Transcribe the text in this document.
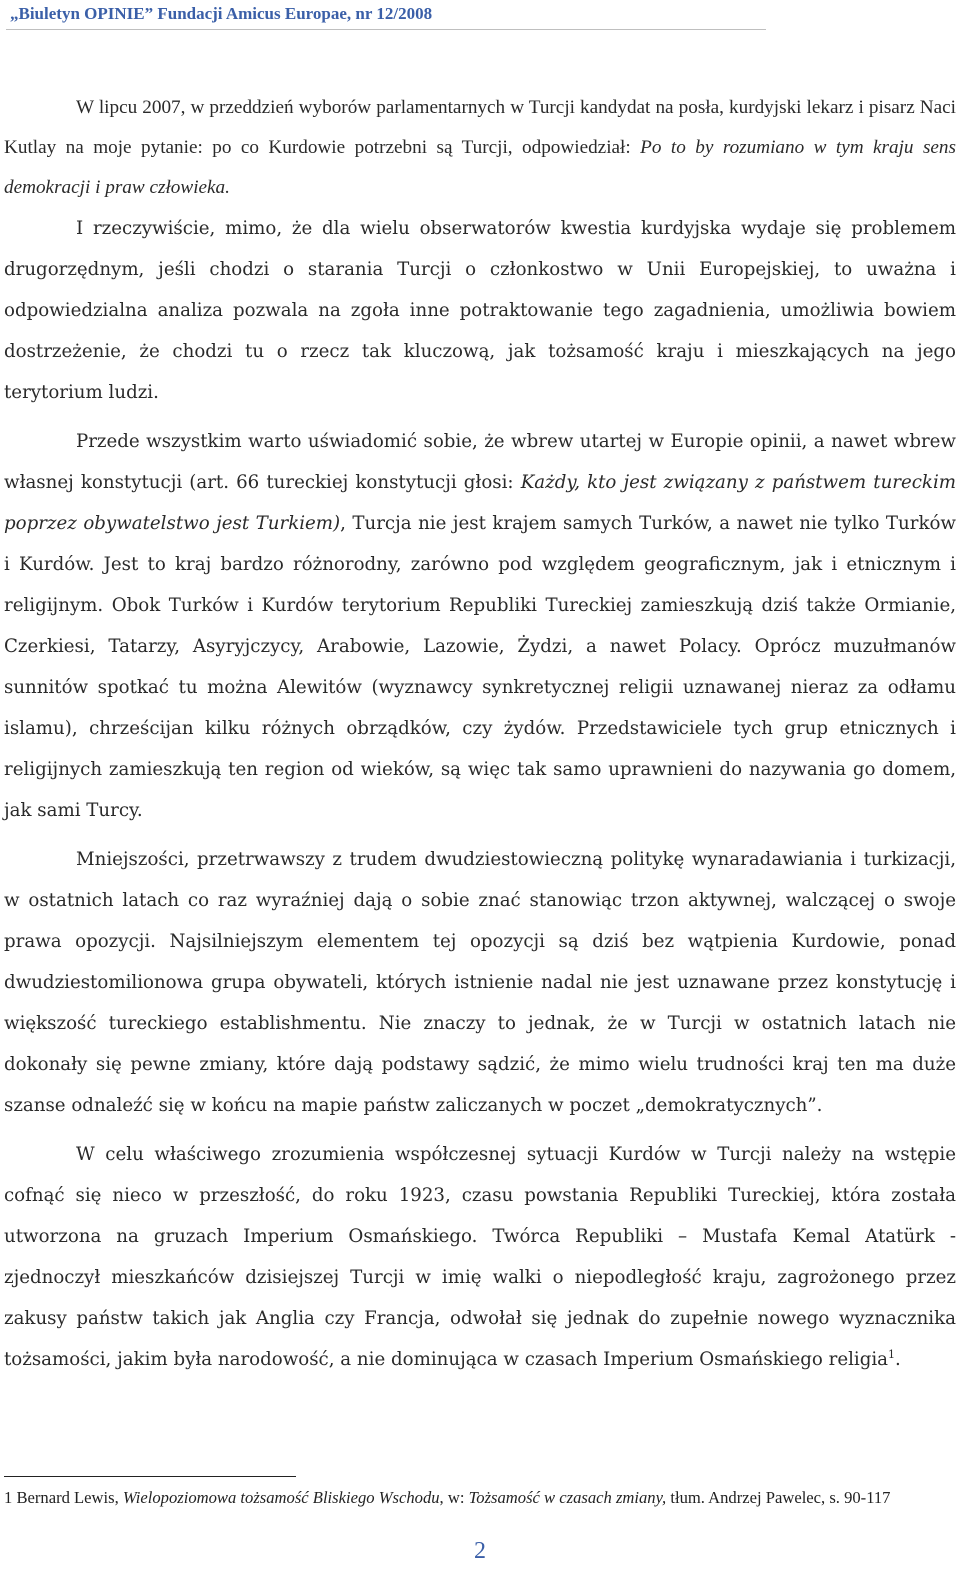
„Biuletyn OPINIE” Fundacji Amicus Europae, nr 12/2008

W lipcu 2007, w przeddzień wyborów parlamentarnych w Turcji kandydat na posła, kurdyjski lekarz i pisarz Naci Kutlay na moje pytanie: po co Kurdowie potrzebni są Turcji, odpowiedział: Po to by rozumiano w tym kraju sens demokracji i praw człowieka.

I rzeczywiście, mimo, że dla wielu obserwatorów kwestia kurdyjska wydaje się problemem drugorzędnym, jeśli chodzi o starania Turcji o członkostwo w Unii Europejskiej, to uważna i odpowiedzialna analiza pozwala na zgoła inne potraktowanie tego zagadnienia, umożliwia bowiem dostrzeżenie, że chodzi tu o rzecz tak kluczową, jak tożsamość kraju i mieszkających na jego terytorium ludzi.

Przede wszystkim warto uświadomić sobie, że wbrew utartej w Europie opinii, a nawet wbrew własnej konstytucji (art. 66 tureckiej konstytucji głosi: Każdy, kto jest związany z państwem tureckim poprzez obywatelstwo jest Turkiem), Turcja nie jest krajem samych Turków, a nawet nie tylko Turków i Kurdów. Jest to kraj bardzo różnorodny, zarówno pod względem geograficznym, jak i etnicznym i religijnym. Obok Turków i Kurdów terytorium Republiki Tureckiej zamieszkują dziś także Ormianie, Czerkiesi, Tatarzy, Asyryjczycy, Arabowie, Lazowie, Żydzi, a nawet Polacy. Oprócz muzułmanów sunnitów spotkać tu można Alewitów (wyznawcy synkretycznej religii uznawanej nieraz za odłamu islamu), chrześcijan kilku różnych obrządków, czy żydów. Przedstawiciele tych grup etnicznych i religijnych zamieszkują ten region od wieków, są więc tak samo uprawnieni do nazywania go domem, jak sami Turcy.

Mniejszości, przetrwawszy z trudem dwudziestowieczną politykę wynaradawiania i turkizacji, w ostatnich latach co raz wyraźniej dają o sobie znać stanowiąc trzon aktywnej, walczącej o swoje prawa opozycji. Najsilniejszym elementem tej opozycji są dziś bez wątpienia Kurdowie, ponad dwudziestomilionowa grupa obywateli, których istnienie nadal nie jest uznawane przez konstytucję i większość tureckiego establishmentu. Nie znaczy to jednak, że w Turcji w ostatnich latach nie dokonały się pewne zmiany, które dają podstawy sądzić, że mimo wielu trudności kraj ten ma duże szanse odnaleźć się w końcu na mapie państw zaliczanych w poczet „demokratycznych”.

W celu właściwego zrozumienia współczesnej sytuacji Kurdów w Turcji należy na wstępie cofnąć się nieco w przeszłość, do roku 1923, czasu powstania Republiki Tureckiej, która została utworzona na gruzach Imperium Osmańskiego. Twórca Republiki – Mustafa Kemal Atatürk - zjednoczył mieszkańców dzisiejszej Turcji w imię walki o niepodległość kraju, zagrożonego przez zakusy państw takich jak Anglia czy Francja, odwołał się jednak do zupełnie nowego wyznacznika tożsamości, jakim była narodowość, a nie dominująca w czasach Imperium Osmańskiego religia$^1$.

1 Bernard Lewis, Wielopoziomowa tożsamość Bliskiego Wschodu, w: Tożsamość w czasach zmiany, tłum. Andrzej Pawelec, s. 90-117
2
